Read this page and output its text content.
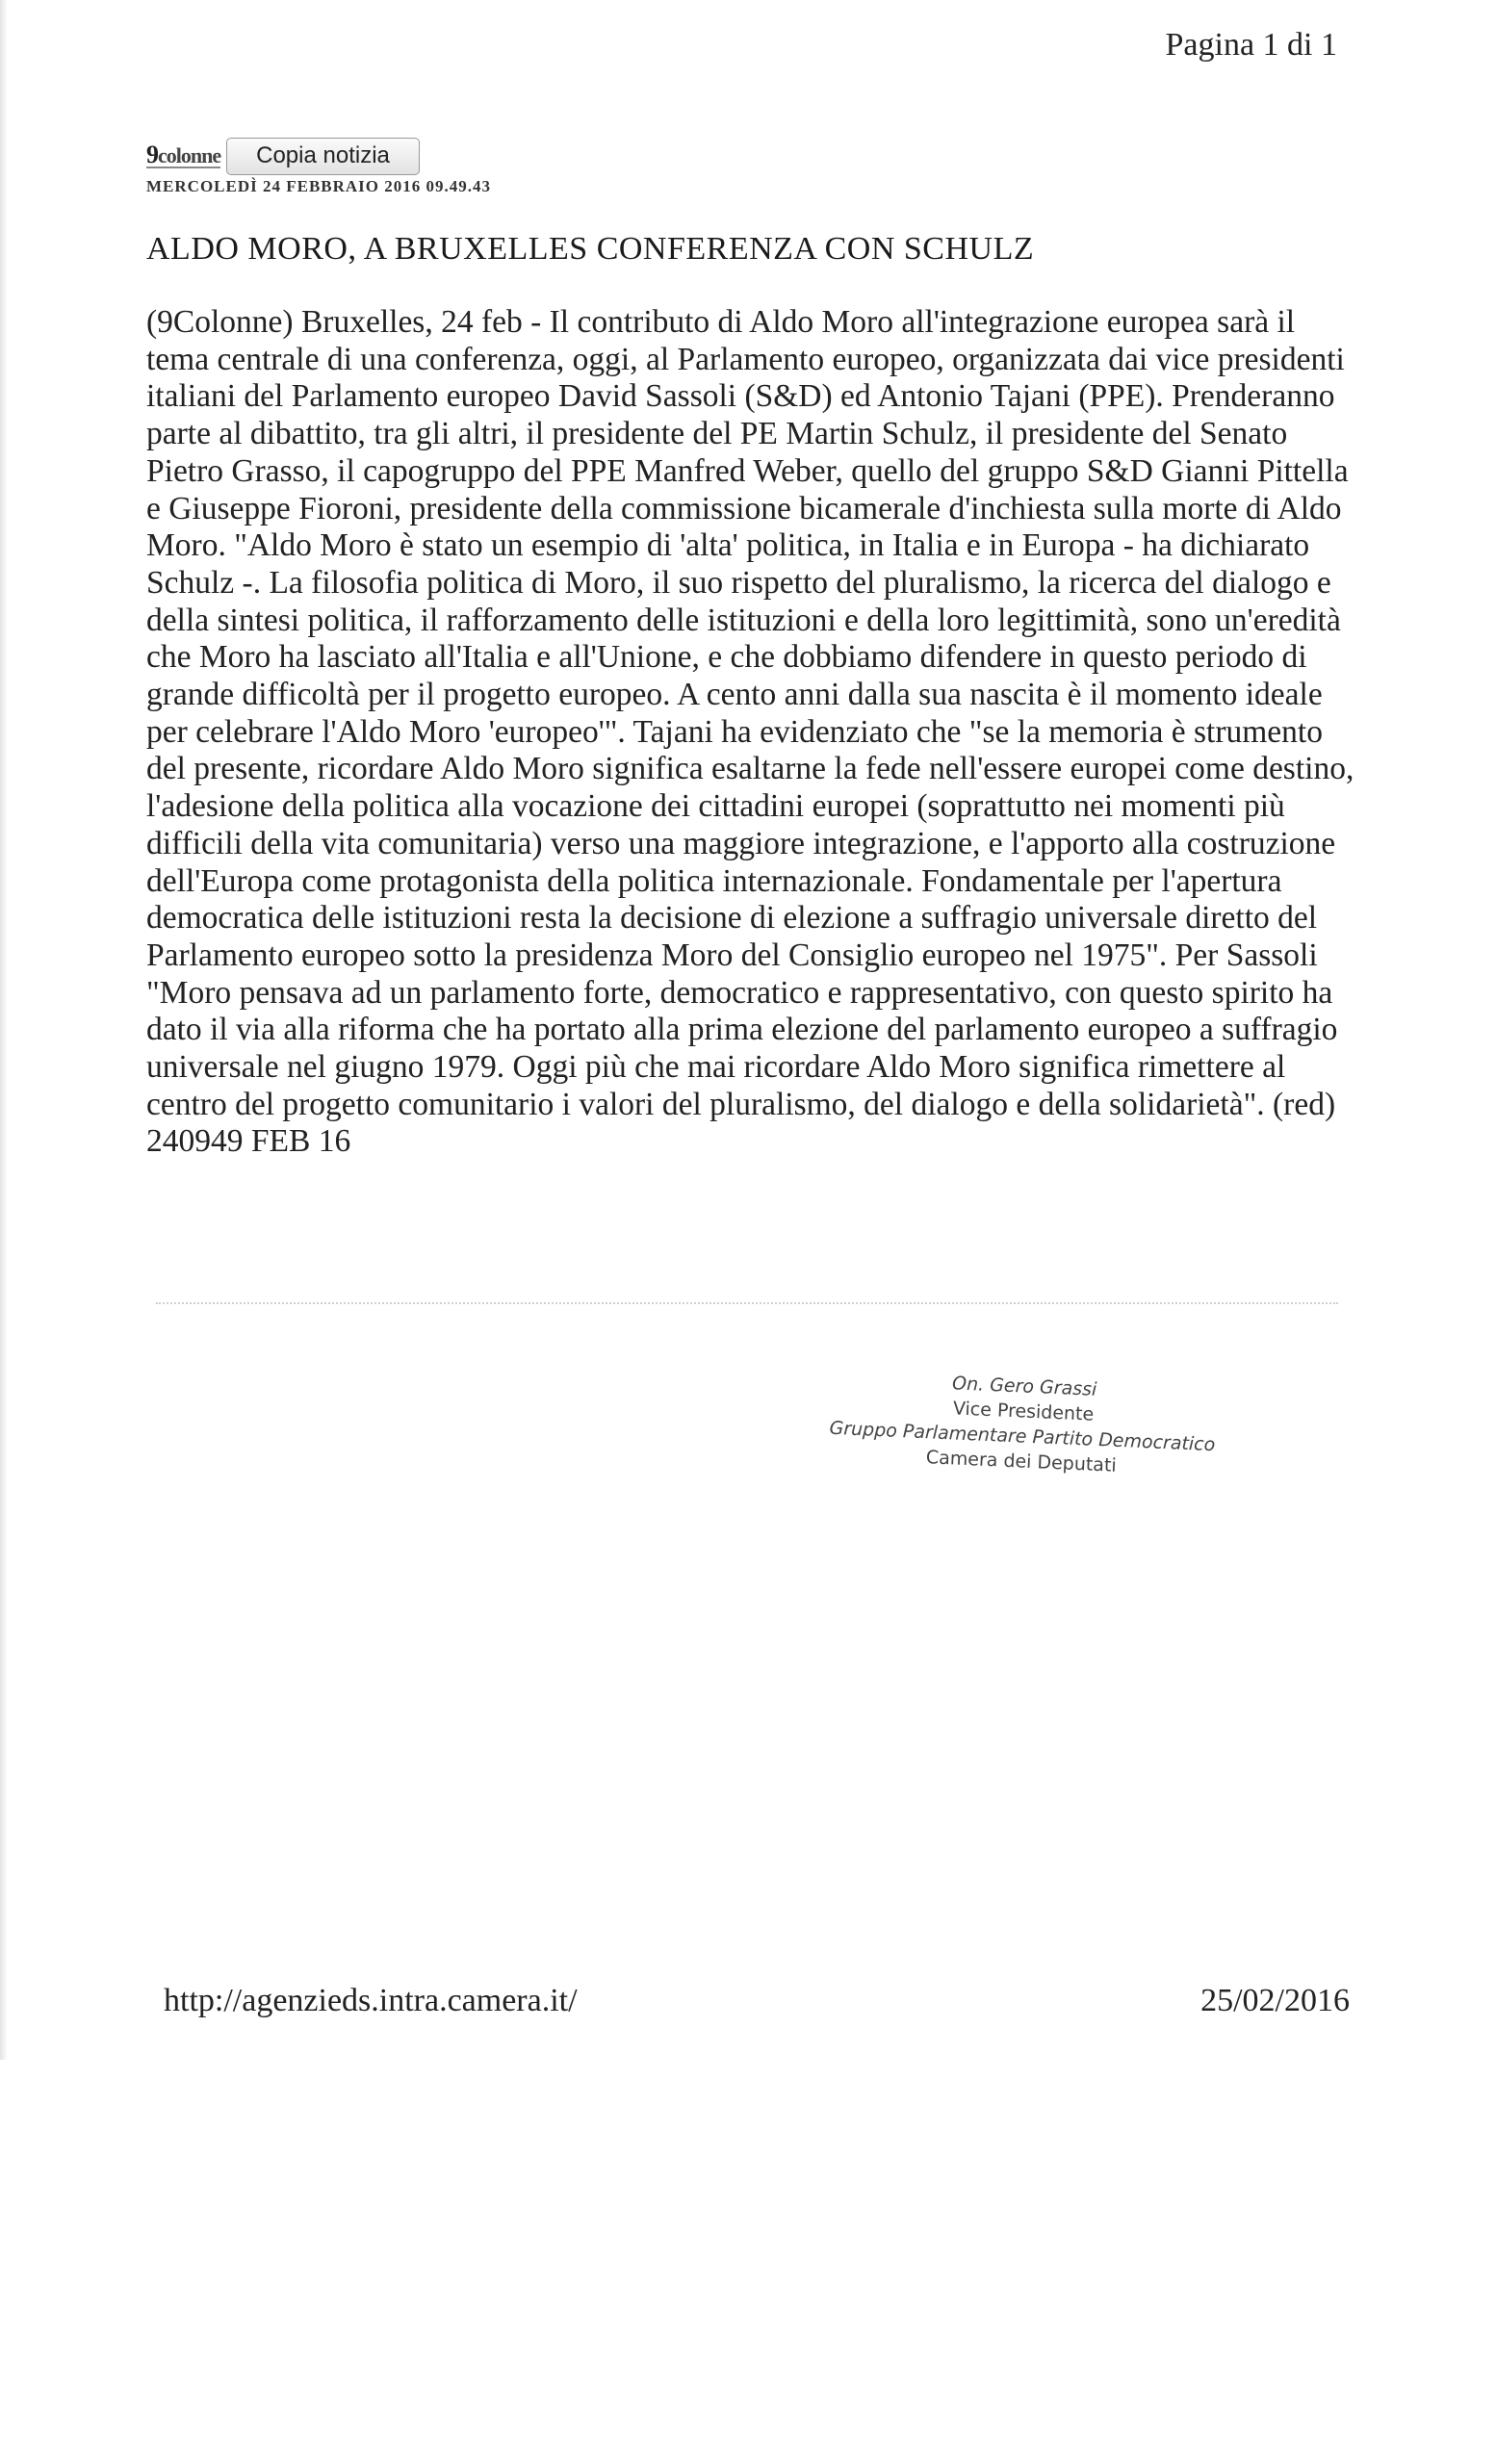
Pagina 1 di 1
9colonne	Copia notizia
MERCOLEDÌ 24 FEBBRAIO 2016 09.49.43
ALDO MORO, A BRUXELLES CONFERENZA CON SCHULZ

(9Colonne) Bruxelles, 24 feb - Il contributo di Aldo Moro all'integrazione europea sarà il tema centrale di una conferenza, oggi, al Parlamento europeo, organizzata dai vice presidenti italiani del Parlamento europeo David Sassoli (S&D) ed Antonio Tajani (PPE). Prenderanno parte al dibattito, tra gli altri, il presidente del PE Martin Schulz, il presidente del Senato Pietro Grasso, il capogruppo del PPE Manfred Weber, quello del gruppo S&D Gianni Pittella e Giuseppe Fioroni, presidente della commissione bicamerale d'inchiesta sulla morte di Aldo Moro. "Aldo Moro è stato un esempio di 'alta' politica, in Italia e in Europa - ha dichiarato Schulz -. La filosofia politica di Moro, il suo rispetto del pluralismo, la ricerca del dialogo e della sintesi politica, il rafforzamento delle istituzioni e della loro legittimità, sono un'eredità che Moro ha lasciato all'Italia e all'Unione, e che dobbiamo difendere in questo periodo di grande difficoltà per il progetto europeo. A cento anni dalla sua nascita è il momento ideale per celebrare l'Aldo Moro 'europeo'". Tajani ha evidenziato che "se la memoria è strumento del presente, ricordare Aldo Moro significa esaltarne la fede nell'essere europei come destino, l'adesione della politica alla vocazione dei cittadini europei (soprattutto nei momenti più difficili della vita comunitaria) verso una maggiore integrazione, e l'apporto alla costruzione dell'Europa come protagonista della politica internazionale. Fondamentale per l'apertura democratica delle istituzioni resta la decisione di elezione a suffragio universale diretto del Parlamento europeo sotto la presidenza Moro del Consiglio europeo nel 1975". Per Sassoli "Moro pensava ad un parlamento forte, democratico e rappresentativo, con questo spirito ha dato il via alla riforma che ha portato alla prima elezione del parlamento europeo a suffragio universale nel giugno 1979. Oggi più che mai ricordare Aldo Moro significa rimettere al centro del progetto comunitario i valori del pluralismo, del dialogo e della solidarietà". (red) 240949 FEB 16

On. Gero Grassi
Vice Presidente
Gruppo Parlamentare Partito Democratico
Camera dei Deputati
http://agenzieds.intra.camera.it/	25/02/2016
